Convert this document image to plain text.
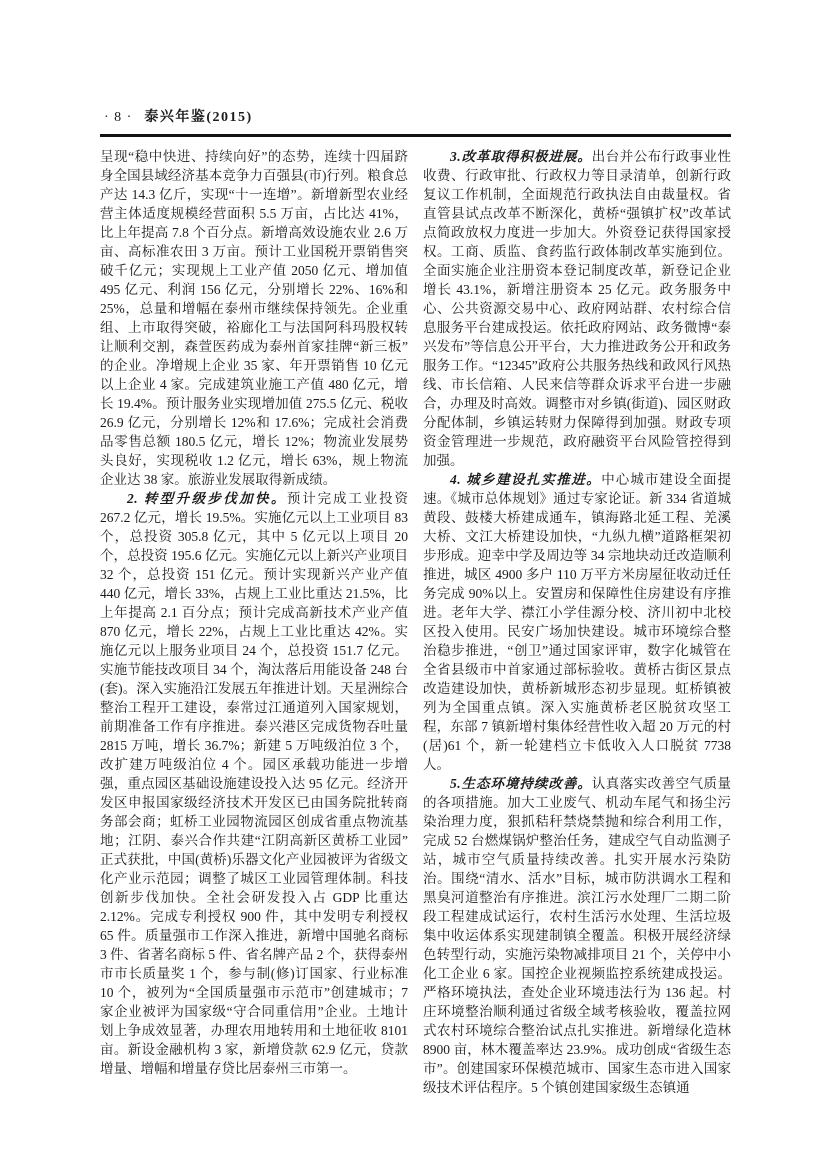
· 8 · 泰兴年鉴(2015)

呈现“稳中快进、持续向好”的态势，连续十四届跻身全国县域经济基本竞争力百强县(市)行列。粮食总产达 14.3 亿斤，实现“十一连增”。新增新型农业经营主体适度规模经营面积 5.5 万亩，占比达 41%，比上年提高 7.8 个百分点。新增高效设施农业 2.6 万亩、高标准农田 3 万亩。预计工业国税开票销售突破千亿元；实现规上工业产值 2050 亿元、增加值 495 亿元、利润 156 亿元，分别增长 22%、16%和 25%，总量和增幅在泰州市继续保持领先。企业重组、上市取得突破，裕廊化工与法国阿科玛股权转让顺利交割，森萱医药成为泰州首家挂牌“新三板”的企业。净增规上企业 35 家、年开票销售 10 亿元以上企业 4 家。完成建筑业施工产值 480 亿元，增长 19.4%。预计服务业实现增加值 275.5 亿元、税收 26.9 亿元，分别增长 12%和 17.6%；完成社会消费品零售总额 180.5 亿元，增长 12%；物流业发展势头良好，实现税收 1.2 亿元，增长 63%，规上物流企业达 38 家。旅游业发展取得新成绩。

2. 转型升级步伐加快。预计完成工业投资 267.2 亿元，增长 19.5%。实施亿元以上工业项目 83 个，总投资 305.8 亿元，其中 5 亿元以上项目 20 个，总投资 195.6 亿元。实施亿元以上新兴产业项目 32 个，总投资 151 亿元。预计实现新兴产业产值 440 亿元，增长 33%，占规上工业比重达 21.5%，比上年提高 2.1 百分点；预计完成高新技术产业产值 870 亿元，增长 22%，占规上工业比重达 42%。实施亿元以上服务业项目 24 个，总投资 151.7 亿元。实施节能技改项目 34 个，淘汰落后用能设备 248 台(套)。深入实施沿江发展五年推进计划。天星洲综合整治工程开工建设，泰常过江通道列入国家规划，前期准备工作有序推进。泰兴港区完成货物吞吐量 2815 万吨，增长 36.7%；新建 5 万吨级泊位 3 个，改扩建万吨级泊位 4 个。园区承载功能进一步增强，重点园区基础设施建设投入达 95 亿元。经济开发区申报国家级经济技术开发区已由国务院批转商务部会商；虹桥工业园物流园区创成省重点物流基地；江阴、泰兴合作共建“江阴高新区黄桥工业园”正式获批，中国(黄桥)乐器文化产业园被评为省级文化产业示范园；调整了城区工业园管理体制。科技创新步伐加快。全社会研发投入占 GDP 比重达 2.12%。完成专利授权 900 件，其中发明专利授权 65 件。质量强市工作深入推进，新增中国驰名商标 3 件、省著名商标 5 件、省名牌产品 2 个，获得泰州市市长质量奖 1 个，参与制(修)订国家、行业标准 10 个，被列为“全国质量强市示范市”创建城市；7 家企业被评为国家级“守合同重信用”企业。土地计划上争成效显著，办理农用地转用和土地征收 8101 亩。新设金融机构 3 家，新增贷款 62.9 亿元，贷款增量、增幅和增量存贷比居泰州三市第一。

3.改革取得积极进展。出台并公布行政事业性收费、行政审批、行政权力等目录清单，创新行政复议工作机制，全面规范行政执法自由裁量权。省直管县试点改革不断深化，黄桥“强镇扩权”改革试点简政放权力度进一步加大。外资登记获得国家授权。工商、质监、食药监行政体制改革实施到位。全面实施企业注册资本登记制度改革，新登记企业增长 43.1%，新增注册资本 25 亿元。政务服务中心、公共资源交易中心、政府网站群、农村综合信息服务平台建成投运。依托政府网站、政务微博“泰兴发布”等信息公开平台，大力推进政务公开和政务服务工作。“12345”政府公共服务热线和政风行风热线、市长信箱、人民来信等群众诉求平台进一步融合，办理及时高效。调整市对乡镇(街道)、园区财政分配体制，乡镇运转财力保障得到加强。财政专项资金管理进一步规范，政府融资平台风险管控得到加强。

4. 城乡建设扎实推进。中心城市建设全面提速。《城市总体规划》通过专家论证。新 334 省道城黄段、鼓楼大桥建成通车，镇海路北延工程、羌溪大桥、文江大桥建设加快，“九纵九横”道路框架初步形成。迎幸中学及周边等 34 宗地块动迁改造顺利推进，城区 4900 多户 110 万平方米房屋征收动迁任务完成 90%以上。安置房和保障性住房建设有序推进。老年大学、襟江小学佳源分校、济川初中北校区投入使用。民安广场加快建设。城市环境综合整治稳步推进，“创卫”通过国家评审，数字化城管在全省县级市中首家通过部标验收。黄桥古街区景点改造建设加快，黄桥新城形态初步显现。虹桥镇被列为全国重点镇。深入实施黄桥老区脱贫攻坚工程，东部 7 镇新增村集体经营性收入超 20 万元的村(居)61 个，新一轮建档立卡低收入人口脱贫 7738 人。

5.生态环境持续改善。认真落实改善空气质量的各项措施。加大工业废气、机动车尾气和扬尘污染治理力度，狠抓秸秆禁烧禁抛和综合利用工作，完成 52 台燃煤锅炉整治任务，建成空气自动监测子站，城市空气质量持续改善。扎实开展水污染防治。围绕“清水、活水”目标，城市防洪调水工程和黑臭河道整治有序推进。滨江污水处理厂二期二阶段工程建成试运行，农村生活污水处理、生活垃圾集中收运体系实现建制镇全覆盖。积极开展经济绿色转型行动，实施污染物减排项目 21 个，关停中小化工企业 6 家。国控企业视频监控系统建成投运。严格环境执法，查处企业环境违法行为 136 起。村庄环境整治顺利通过省级全域考核验收，覆盖拉网式农村环境综合整治试点扎实推进。新增绿化造林 8900 亩，林木覆盖率达 23.9%。成功创成“省级生态市”。创建国家环保模范城市、国家生态市进入国家级技术评估程序。5 个镇创建国家级生态镇通
